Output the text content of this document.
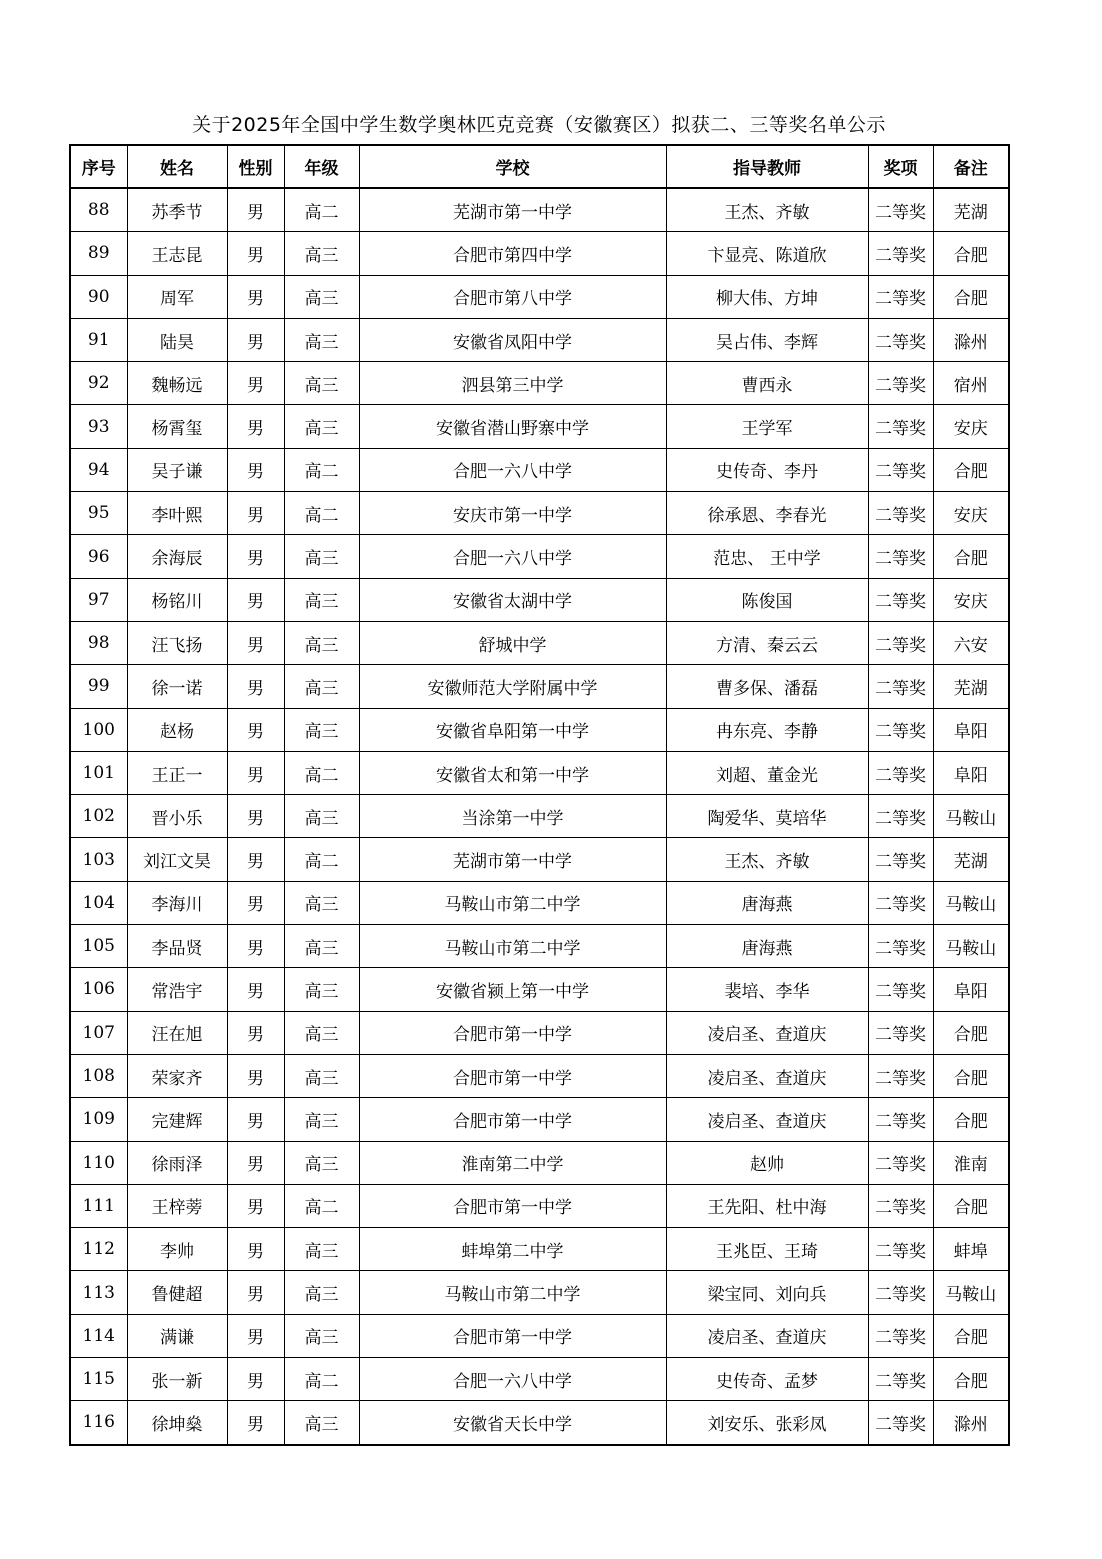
关于2025年全国中学生数学奥林匹克竞赛（安徽赛区）拟获二、三等奖名单公示
序号	姓名	性别	年级	学校	指导教师	奖项	备注
88	苏季节	男	高二	芜湖市第一中学	王杰、齐敏	二等奖	芜湖
89	王志昆	男	高三	合肥市第四中学	卞显亮、陈道欣	二等奖	合肥
90	周军	男	高三	合肥市第八中学	柳大伟、方坤	二等奖	合肥
91	陆昊	男	高三	安徽省凤阳中学	吴占伟、李辉	二等奖	滁州
92	魏畅远	男	高三	泗县第三中学	曹西永	二等奖	宿州
93	杨霄玺	男	高三	安徽省潜山野寨中学	王学军	二等奖	安庆
94	吴子谦	男	高二	合肥一六八中学	史传奇、李丹	二等奖	合肥
95	李叶熙	男	高二	安庆市第一中学	徐承恩、李春光	二等奖	安庆
96	余海辰	男	高三	合肥一六八中学	范忠、 王中学	二等奖	合肥
97	杨铭川	男	高三	安徽省太湖中学	陈俊国	二等奖	安庆
98	汪飞扬	男	高三	舒城中学	方清、秦云云	二等奖	六安
99	徐一诺	男	高三	安徽师范大学附属中学	曹多保、潘磊	二等奖	芜湖
100	赵杨	男	高三	安徽省阜阳第一中学	冉东亮、李静	二等奖	阜阳
101	王正一	男	高二	安徽省太和第一中学	刘超、董金光	二等奖	阜阳
102	晋小乐	男	高三	当涂第一中学	陶爱华、莫培华	二等奖	马鞍山
103	刘江文昊	男	高二	芜湖市第一中学	王杰、齐敏	二等奖	芜湖
104	李海川	男	高三	马鞍山市第二中学	唐海燕	二等奖	马鞍山
105	李品贤	男	高三	马鞍山市第二中学	唐海燕	二等奖	马鞍山
106	常浩宇	男	高三	安徽省颍上第一中学	裴培、李华	二等奖	阜阳
107	汪在旭	男	高三	合肥市第一中学	凌启圣、查道庆	二等奖	合肥
108	荣家齐	男	高三	合肥市第一中学	凌启圣、查道庆	二等奖	合肥
109	完建辉	男	高三	合肥市第一中学	凌启圣、查道庆	二等奖	合肥
110	徐雨泽	男	高三	淮南第二中学	赵帅	二等奖	淮南
111	王梓蒡	男	高二	合肥市第一中学	王先阳、杜中海	二等奖	合肥
112	李帅	男	高三	蚌埠第二中学	王兆臣、王琦	二等奖	蚌埠
113	鲁健超	男	高三	马鞍山市第二中学	梁宝同、刘向兵	二等奖	马鞍山
114	满谦	男	高三	合肥市第一中学	凌启圣、查道庆	二等奖	合肥
115	张一新	男	高二	合肥一六八中学	史传奇、孟梦	二等奖	合肥
116	徐坤燊	男	高三	安徽省天长中学	刘安乐、张彩凤	二等奖	滁州
